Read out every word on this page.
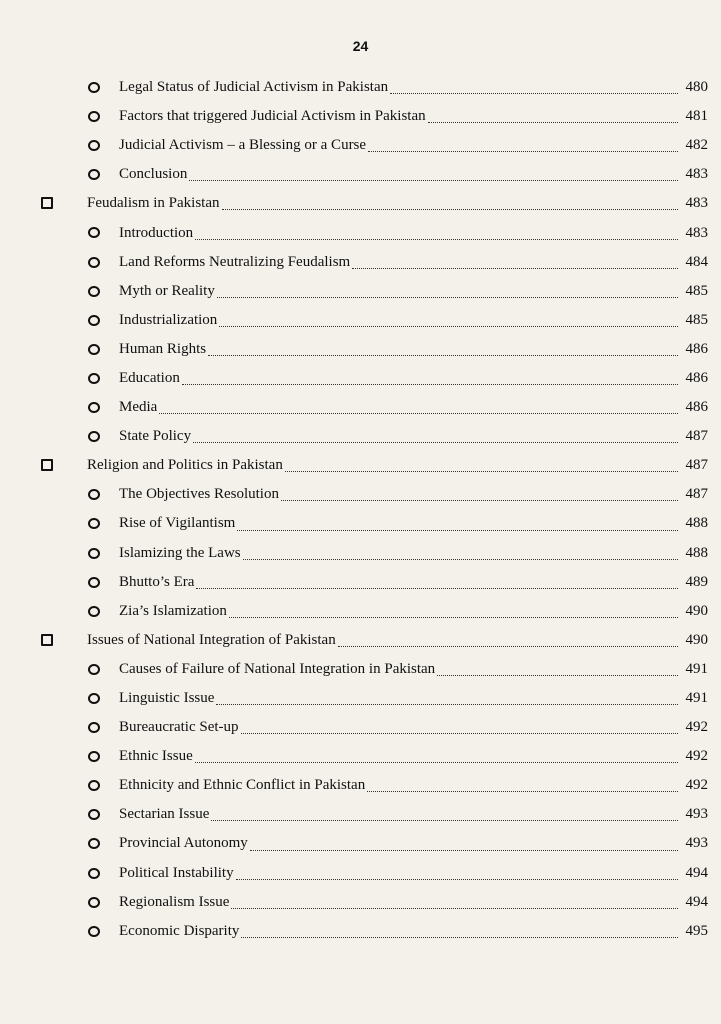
24
Legal Status of Judicial Activism in Pakistan	480
Factors that triggered Judicial Activism in Pakistan	481
Judicial Activism – a Blessing or a Curse	482
Conclusion	483
Feudalism in Pakistan	483
Introduction	483
Land Reforms Neutralizing Feudalism	484
Myth or Reality	485
Industrialization	485
Human Rights	486
Education	486
Media	486
State Policy	487
Religion and Politics in Pakistan	487
The Objectives Resolution	487
Rise of Vigilantism	488
Islamizing the Laws	488
Bhutto’s Era	489
Zia’s Islamization	490
Issues of National Integration of Pakistan	490
Causes of Failure of National Integration in Pakistan	491
Linguistic Issue	491
Bureaucratic Set-up	492
Ethnic Issue	492
Ethnicity and Ethnic Conflict in Pakistan	492
Sectarian Issue	493
Provincial Autonomy	493
Political Instability	494
Regionalism Issue	494
Economic Disparity	495
